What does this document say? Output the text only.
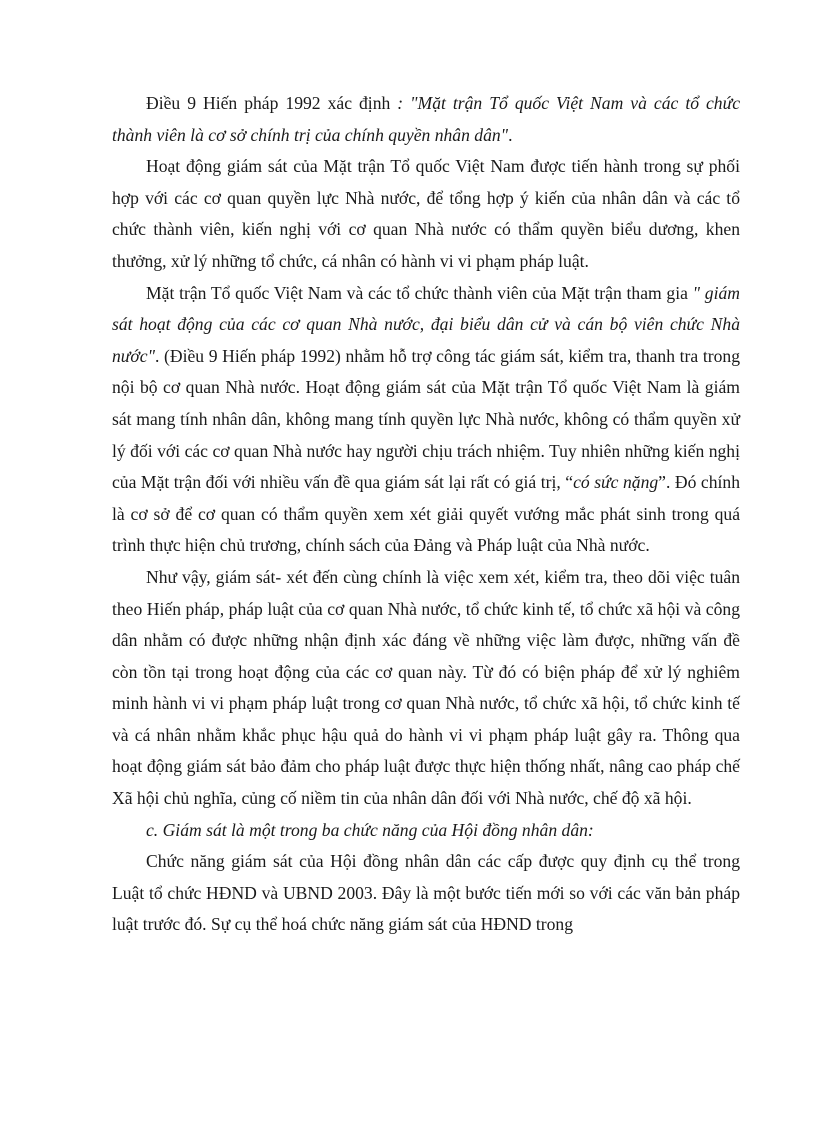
Điều 9 Hiến pháp 1992 xác định : "Mặt trận Tổ quốc Việt Nam và các tổ chức thành viên là cơ sở chính trị của chính quyền nhân dân".

Hoạt động giám sát của Mặt trận Tổ quốc Việt Nam được tiến hành trong sự phối hợp với các cơ quan quyền lực Nhà nước, để tổng hợp ý kiến của nhân dân và các tổ chức thành viên, kiến nghị với cơ quan Nhà nước có thẩm quyền biểu dương, khen thưởng, xử lý những tổ chức, cá nhân có hành vi vi phạm pháp luật.

Mặt trận Tổ quốc Việt Nam và các tổ chức thành viên của Mặt trận tham gia " giám sát hoạt động của các cơ quan Nhà nước, đại biểu dân cử và cán bộ viên chức Nhà nước". (Điều 9 Hiến pháp 1992) nhằm hỗ trợ công tác giám sát, kiểm tra, thanh tra trong nội bộ cơ quan Nhà nước. Hoạt động giám sát của Mặt trận Tổ quốc Việt Nam là giám sát mang tính nhân dân, không mang tính quyền lực Nhà nước, không có thẩm quyền xử lý đối với các cơ quan Nhà nước hay người chịu trách nhiệm. Tuy nhiên những kiến nghị của Mặt trận đối với nhiều vấn đề qua giám sát lại rất có giá trị, “có sức nặng”. Đó chính là cơ sở để cơ quan có thẩm quyền xem xét giải quyết vướng mắc phát sinh trong quá trình thực hiện chủ trương, chính sách của Đảng và Pháp luật của Nhà nước.

Như vậy, giám sát- xét đến cùng chính là việc xem xét, kiểm tra, theo dõi việc tuân theo Hiến pháp, pháp luật của cơ quan Nhà nước, tổ chức kinh tế, tổ chức xã hội và công dân nhằm có được những nhận định xác đáng về những việc làm được, những vấn đề còn tồn tại trong hoạt động của các cơ quan này. Từ đó có biện pháp để xử lý nghiêm minh hành vi vi phạm pháp luật trong cơ quan Nhà nước, tổ chức xã hội, tổ chức kinh tế và cá nhân nhằm khắc phục hậu quả do hành vi vi phạm pháp luật gây ra. Thông qua hoạt động giám sát bảo đảm cho pháp luật được thực hiện thống nhất, nâng cao pháp chế Xã hội chủ nghĩa, củng cố niềm tin của nhân dân đối với Nhà nước, chế độ xã hội.

c. Giám sát là một trong ba chức năng của Hội đồng nhân dân:

Chức năng giám sát của Hội đồng nhân dân các cấp được quy định cụ thể trong Luật tổ chức HĐND và UBND 2003. Đây là một bước tiến mới so với các văn bản pháp luật trước đó. Sự cụ thể hoá chức năng giám sát của HĐND trong
